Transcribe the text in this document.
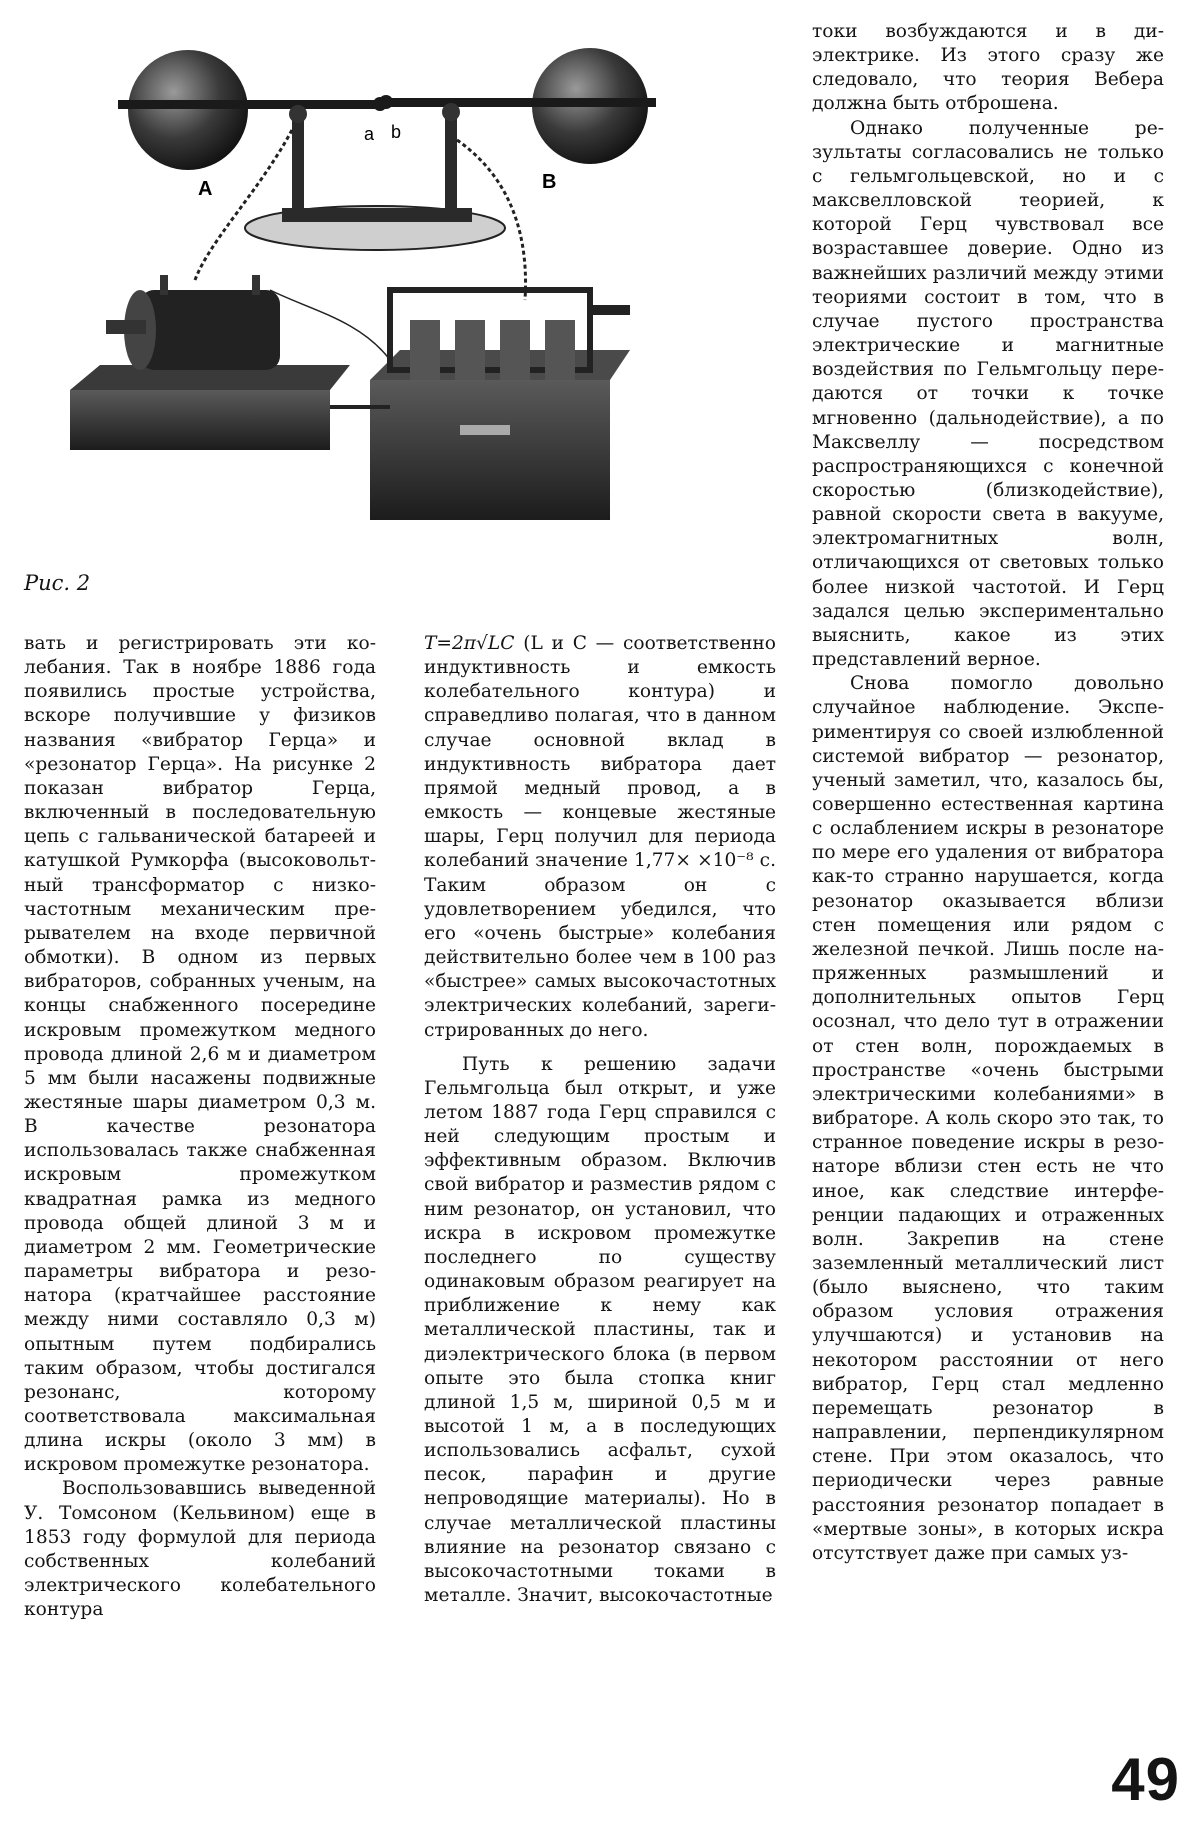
A	B
a b
Рис. 2

вать и регистрировать эти колебания. Так в ноябре 1886 года появились простые устройства, вскоре получившие у физиков названия «вибратор Герца» и «резонатор Герца». На рисунке 2 показан вибратор Герца, включенный в последовательную цепь с гальванической батареей и катушкой Румкорфа (высоковольтный трансформатор с низкочастотным механическим прерывателем на входе первичной обмотки). В одном из первых вибраторов, собранных ученым, на концы снабженного посередине искровым промежутком медного провода длиной 2,6 м и диаметром 5 мм были насажены подвижные жестяные шары диаметром 0,3 м. В качестве резонатора использовалась также снабженная искровым промежутком квадратная рамка из медного провода общей длиной 3 м и диаметром 2 мм. Геометрические параметры вибратора и резонатора (кратчайшее расстояние между ними составляло 0,3 м) опытным путем подбирались таким образом, чтобы достигался резонанс, которому соответствовала максимальная длина искры (около 3 мм) в искровом промежутке резонатора.

Воспользовавшись выведенной У. Томсоном (Кельвином) еще в 1853 году формулой для периода собственных колебаний электрического колебательного контура

T=2π√LC (L и C — соответственно индуктивность и емкость колебательного контура) и справедливо полагая, что в данном случае основной вклад в индуктивность вибратора дает прямой медный провод, а в емкость — концевые жестяные шары, Герц получил для периода колебаний значение 1,77× ×10⁻⁸ с. Таким образом он с удовлетворением убедился, что его «очень быстрые» колебания действительно более чем в 100 раз «быстрее» самых высокочастотных электрических колебаний, зарегистрированных до него.

Путь к решению задачи Гельмгольца был открыт, и уже летом 1887 года Герц справился с ней следующим простым и эффективным образом. Включив свой вибратор и разместив рядом с ним резонатор, он установил, что искра в искровом промежутке последнего по существу одинаковым образом реагирует на приближение к нему как металлической пластины, так и диэлектрического блока (в первом опыте это была стопка книг длиной 1,5 м, шириной 0,5 м и высотой 1 м, а в последующих использовались асфальт, сухой песок, парафин и другие непроводящие материалы). Но в случае металлической пластины влияние на резонатор связано с высокочастотными токами в металле. Значит, высокочастотные

токи возбуждаются и в диэлектрике. Из этого сразу же следовало, что теория Вебера должна быть отброшена.

Однако полученные результаты согласовались не только с гельмгольцевской, но и с максвелловской теорией, к которой Герц чувствовал все возраставшее доверие. Одно из важнейших различий между этими теориями состоит в том, что в случае пустого пространства электрические и магнитные воздействия по Гельмгольцу передаются от точки к точке мгновенно (дальнодействие), а по Максвеллу — посредством распространяющихся с конечной скоростью (близкодействие), равной скорости света в вакууме, электромагнитных волн, отличающихся от световых только более низкой частотой. И Герц задался целью экспериментально выяснить, какое из этих представлений верное.

Снова помогло довольно случайное наблюдение. Экспериментируя со своей излюбленной системой вибратор — резонатор, ученый заметил, что, казалось бы, совершенно естественная картина с ослаблением искры в резонаторе по мере его удаления от вибратора как-то странно нарушается, когда резонатор оказывается вблизи стен помещения или рядом с железной печкой. Лишь после напряженных размышлений и дополнительных опытов Герц осознал, что дело тут в отражении от стен волн, порождаемых в пространстве «очень быстрыми электрическими колебаниями» в вибраторе. А коль скоро это так, то странное поведение искры в резонаторе вблизи стен есть не что иное, как следствие интерференции падающих и отраженных волн. Закрепив на стене заземленный металлический лист (было выяснено, что таким образом условия отражения улучшаются) и установив на некотором расстоянии от него вибратор, Герц стал медленно перемещать резонатор в направлении, перпендикулярном стене. При этом оказалось, что периодически через равные расстояния резонатор попадает в «мертвые зоны», в которых искра отсутствует даже при самых уз-

49
